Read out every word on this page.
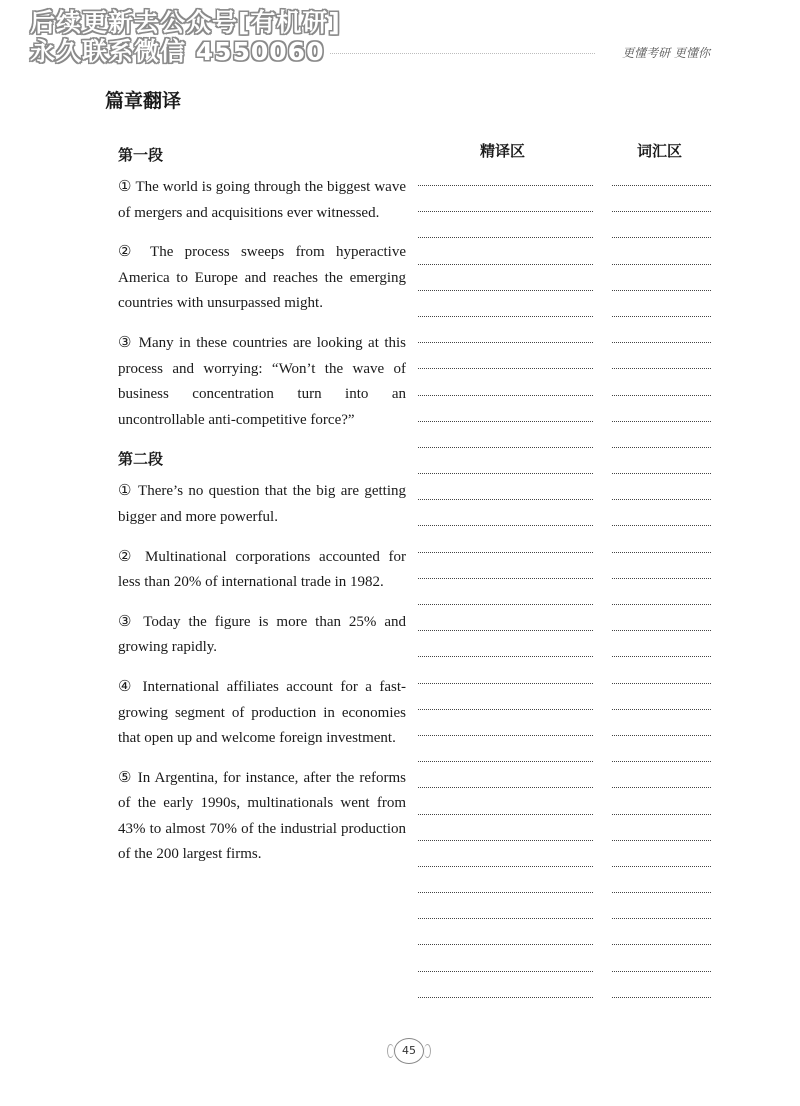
后续更新去公众号[有机研]
永久联系微信 4550060	更懂考研 更懂你
篇章翻译
精译区	词汇区
第一段

① The world is going through the biggest wave of mergers and acquisitions ever witnessed.

② The process sweeps from hyperactive America to Europe and reaches the emerging countries with unsurpassed might.

③ Many in these countries are looking at this process and worrying: “Won’t the wave of business concentration turn into an uncontrollable anti-competitive force?”

第二段

① There’s no question that the big are getting bigger and more powerful.

② Multinational corporations accounted for less than 20% of international trade in 1982.

③ Today the figure is more than 25% and growing rapidly.

④ International affiliates account for a fast-growing segment of production in economies that open up and welcome foreign investment.

⑤ In Argentina, for instance, after the reforms of the early 1990s, multinationals went from 43% to almost 70% of the industrial production of the 200 largest firms.

45
